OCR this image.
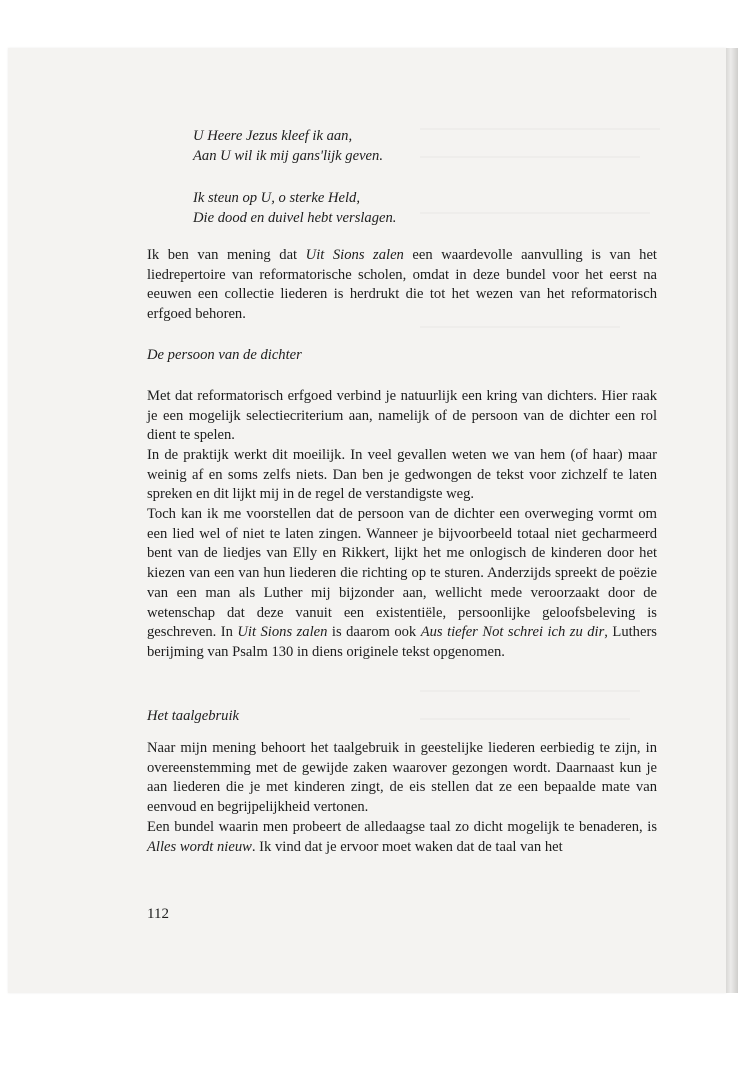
U Heere Jezus kleef ik aan,
Aan U wil ik mij gans'lijk geven.
Ik steun op U, o sterke Held,
Die dood en duivel hebt verslagen.

Ik ben van mening dat Uit Sions zalen een waardevolle aanvulling is van het liedrepertoire van reformatorische scholen, omdat in deze bundel voor het eerst na eeuwen een collectie liederen is herdrukt die tot het wezen van het reformatorisch erfgoed behoren.

De persoon van de dichter

Met dat reformatorisch erfgoed verbind je natuurlijk een kring van dichters. Hier raak je een mogelijk selectiecriterium aan, namelijk of de persoon van de dichter een rol dient te spelen.

In de praktijk werkt dit moeilijk. In veel gevallen weten we van hem (of haar) maar weinig af en soms zelfs niets. Dan ben je gedwongen de tekst voor zichzelf te laten spreken en dit lijkt mij in de regel de verstandigste weg.

Toch kan ik me voorstellen dat de persoon van de dichter een overweging vormt om een lied wel of niet te laten zingen. Wanneer je bijvoorbeeld totaal niet gecharmeerd bent van de liedjes van Elly en Rikkert, lijkt het me onlogisch de kinderen door het kiezen van een van hun liederen die richting op te sturen. Anderzijds spreekt de poëzie van een man als Luther mij bijzonder aan, wellicht mede veroorzaakt door de wetenschap dat deze vanuit een existentiële, persoonlijke geloofsbeleving is geschreven. In Uit Sions zalen is daarom ook Aus tiefer Not schrei ich zu dir, Luthers berijming van Psalm 130 in diens originele tekst opgenomen.

Het taalgebruik

Naar mijn mening behoort het taalgebruik in geestelijke liederen eerbiedig te zijn, in overeenstemming met de gewijde zaken waarover gezongen wordt. Daarnaast kun je aan liederen die je met kinderen zingt, de eis stellen dat ze een bepaalde mate van eenvoud en begrijpelijkheid vertonen.

Een bundel waarin men probeert de alledaagse taal zo dicht mogelijk te benaderen, is Alles wordt nieuw. Ik vind dat je ervoor moet waken dat de taal van het

112
